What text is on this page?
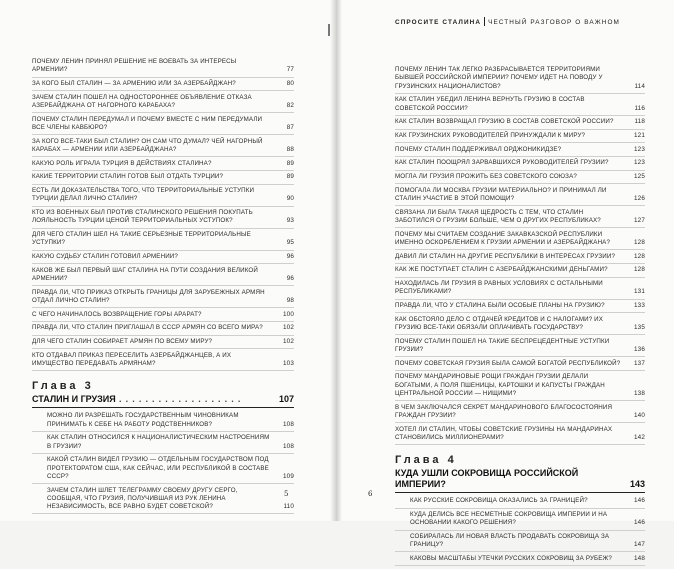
СПРОСИТЕ СТАЛИНА ЧЕСТНЫЙ РАЗГОВОР О ВАЖНОМ
ПОЧЕМУ ЛЕНИН ПРИНЯЛ РЕШЕНИЕ НЕ ВОЕВАТЬ ЗА ИНТЕРЕСЫ АРМЕНИИ?	77
ЗА КОГО БЫЛ СТАЛИН — ЗА АРМЕНИЮ ИЛИ ЗА АЗЕРБАЙДЖАН?	80
ЗАЧЕМ СТАЛИН ПОШЕЛ НА ОДНОСТОРОННЕЕ ОБЪЯВЛЕНИЕ ОТКАЗА АЗЕРБАЙДЖАНА ОТ НАГОРНОГО КАРАБАХА?	82
ПОЧЕМУ СТАЛИН ПЕРЕДУМАЛ И ПОЧЕМУ ВМЕСТЕ С НИМ ПЕРЕДУМАЛИ ВСЕ ЧЛЕНЫ КАВБЮРО?	87
ЗА КОГО ВСЕ-ТАКИ БЫЛ СТАЛИН? ОН САМ ЧТО ДУМАЛ? ЧЕЙ НАГОРНЫЙ КАРАБАХ — АРМЕНИИ ИЛИ АЗЕРБАЙДЖАНА?	88
КАКУЮ РОЛЬ ИГРАЛА ТУРЦИЯ В ДЕЙСТВИЯХ СТАЛИНА?	89
КАКИЕ ТЕРРИТОРИИ СТАЛИН ГОТОВ БЫЛ ОТДАТЬ ТУРЦИИ?	89
ЕСТЬ ЛИ ДОКАЗАТЕЛЬСТВА ТОГО, ЧТО ТЕРРИТОРИАЛЬНЫЕ УСТУПКИ ТУРЦИИ ДЕЛАЛ ЛИЧНО СТАЛИН?	90
КТО ИЗ ВОЕННЫХ БЫЛ ПРОТИВ СТАЛИНСКОГО РЕШЕНИЯ ПОКУПАТЬ ЛОЯЛЬНОСТЬ ТУРЦИИ ЦЕНОЙ ТЕРРИТОРИАЛЬНЫХ УСТУПОК?	93
ДЛЯ ЧЕГО СТАЛИН ШЕЛ НА ТАКИЕ СЕРЬЕЗНЫЕ ТЕРРИТОРИАЛЬНЫЕ УСТУПКИ?	95
КАКУЮ СУДЬБУ СТАЛИН ГОТОВИЛ АРМЕНИИ?	96
КАКОВ ЖЕ БЫЛ ПЕРВЫЙ ШАГ СТАЛИНА НА ПУТИ СОЗДАНИЯ ВЕЛИКОЙ АРМЕНИИ?	96
ПРАВДА ЛИ, ЧТО ПРИКАЗ ОТКРЫТЬ ГРАНИЦЫ ДЛЯ ЗАРУБЕЖНЫХ АРМЯН ОТДАЛ ЛИЧНО СТАЛИН?	98
С ЧЕГО НАЧИНАЛОСЬ ВОЗВРАЩЕНИЕ ГОРЫ АРАРАТ?	100
ПРАВДА ЛИ, ЧТО СТАЛИН ПРИГЛАШАЛ В СССР АРМЯН СО ВСЕГО МИРА?	102
ДЛЯ ЧЕГО СТАЛИН СОБИРАЕТ АРМЯН ПО ВСЕМУ МИРУ?	102
КТО ОТДАВАЛ ПРИКАЗ ПЕРЕСЕЛИТЬ АЗЕРБАЙДЖАНЦЕВ, А ИХ ИМУЩЕСТВО ПЕРЕДАВАТЬ АРМЯНАМ?	103
Глава 3
СТАЛИН И ГРУЗИЯ . . . . . . . . . . . . . . . . . . .	107
МОЖНО ЛИ РАЗРЕШАТЬ ГОСУДАРСТВЕННЫМ ЧИНОВНИКАМ ПРИНИМАТЬ К СЕБЕ НА РАБОТУ РОДСТВЕННИКОВ?	108
КАК СТАЛИН ОТНОСИЛСЯ К НАЦИОНАЛИСТИЧЕСКИМ НАСТРОЕНИЯМ В ГРУЗИИ?	108
КАКОЙ СТАЛИН ВИДЕЛ ГРУЗИЮ — ОТДЕЛЬНЫМ ГОСУДАРСТВОМ ПОД ПРОТЕКТОРАТОМ США, КАК СЕЙЧАС, ИЛИ РЕСПУБЛИКОЙ В СОСТАВЕ СССР?	109
ЗАЧЕМ СТАЛИН ШЛЕТ ТЕЛЕГРАММУ СВОЕМУ ДРУГУ СЕРГО, СООБЩАЯ, ЧТО ГРУЗИЯ, ПОЛУЧИВШАЯ ИЗ РУК ЛЕНИНА НЕЗАВИСИМОСТЬ, ВСЕ РАВНО БУДЕТ СОВЕТСКОЙ?	110
ПОЧЕМУ ЛЕНИН ТАК ЛЕГКО РАЗБРАСЫВАЕТСЯ ТЕРРИТОРИЯМИ БЫВШЕЙ РОССИЙСКОЙ ИМПЕРИИ? ПОЧЕМУ ИДЕТ НА ПОВОДУ У ГРУЗИНСКИХ НАЦИОНАЛИСТОВ?	114
КАК СТАЛИН УБЕДИЛ ЛЕНИНА ВЕРНУТЬ ГРУЗИЮ В СОСТАВ СОВЕТСКОЙ РОССИИ?	116
КАК СТАЛИН ВОЗВРАЩАЛ ГРУЗИЮ В СОСТАВ СОВЕТСКОЙ РОССИИ?	118
КАК ГРУЗИНСКИХ РУКОВОДИТЕЛЕЙ ПРИНУЖДАЛИ К МИРУ?	121
ПОЧЕМУ СТАЛИН ПОДДЕРЖИВАЛ ОРДЖОНИКИДЗЕ?	123
КАК СТАЛИН ПООЩРЯЛ ЗАРВАВШИХСЯ РУКОВОДИТЕЛЕЙ ГРУЗИИ?	123
МОГЛА ЛИ ГРУЗИЯ ПРОЖИТЬ БЕЗ СОВЕТСКОГО СОЮЗА?	125
ПОМОГАЛА ЛИ МОСКВА ГРУЗИИ МАТЕРИАЛЬНО? И ПРИНИМАЛ ЛИ СТАЛИН УЧАСТИЕ В ЭТОЙ ПОМОЩИ?	126
СВЯЗАНА ЛИ БЫЛА ТАКАЯ ЩЕДРОСТЬ С ТЕМ, ЧТО СТАЛИН ЗАБОТИЛСЯ О ГРУЗИИ БОЛЬШЕ, ЧЕМ О ДРУГИХ РЕСПУБЛИКАХ?	127
ПОЧЕМУ МЫ СЧИТАЕМ СОЗДАНИЕ ЗАКАВКАЗСКОЙ РЕСПУБЛИКИ ИМЕННО ОСКОРБЛЕНИЕМ К ГРУЗИИ АРМЕНИИ И АЗЕРБАЙДЖАНА?	128
ДАВИЛ ЛИ СТАЛИН НА ДРУГИЕ РЕСПУБЛИКИ В ИНТЕРЕСАХ ГРУЗИИ?	128
КАК ЖЕ ПОСТУПАЕТ СТАЛИН С АЗЕРБАЙДЖАНСКИМИ ДЕНЬГАМИ?	128
НАХОДИЛАСЬ ЛИ ГРУЗИЯ В РАВНЫХ УСЛОВИЯХ С ОСТАЛЬНЫМИ РЕСПУБЛИКАМИ?	131
ПРАВДА ЛИ, ЧТО У СТАЛИНА БЫЛИ ОСОБЫЕ ПЛАНЫ НА ГРУЗИЮ?	133
КАК ОБСТОЯЛО ДЕЛО С ОТДАЧЕЙ КРЕДИТОВ И С НАЛОГАМИ? ИХ ГРУЗИЮ ВСЕ-ТАКИ ОБЯЗАЛИ ОПЛАЧИВАТЬ ГОСУДАРСТВУ?	135
ПОЧЕМУ СТАЛИН ПОШЕЛ НА ТАКИЕ БЕСПРЕЦЕДЕНТНЫЕ УСТУПКИ ГРУЗИИ?	136
ПОЧЕМУ СОВЕТСКАЯ ГРУЗИЯ БЫЛА САМОЙ БОГАТОЙ РЕСПУБЛИКОЙ?	137
ПОЧЕМУ МАНДАРИНОВЫЕ РОЩИ ГРАЖДАН ГРУЗИИ ДЕЛАЛИ БОГАТЫМИ, А ПОЛЯ ПШЕНИЦЫ, КАРТОШКИ И КАПУСТЫ ГРАЖДАН ЦЕНТРАЛЬНОЙ РОССИИ — НИЩИМИ?	138
В ЧЕМ ЗАКЛЮЧАЛСЯ СЕКРЕТ МАНДАРИНОВОГО БЛАГОСОСТОЯНИЯ ГРАЖДАН ГРУЗИИ?	140
ХОТЕЛ ЛИ СТАЛИН, ЧТОБЫ СОВЕТСКИЕ ГРУЗИНЫ НА МАНДАРИНАХ СТАНОВИЛИСЬ МИЛЛИОНЕРАМИ?	142
Глава 4
КУДА УШЛИ СОКРОВИЩА РОССИЙСКОЙ ИМПЕРИИ?	143
КАК РУССКИЕ СОКРОВИЩА ОКАЗАЛИСЬ ЗА ГРАНИЦЕЙ?	146
КУДА ДЕЛИСЬ ВСЕ НЕСМЕТНЫЕ СОКРОВИЩА ИМПЕРИИ И НА ОСНОВАНИИ КАКОГО РЕШЕНИЯ?	146
СОБИРАЛАСЬ ЛИ НОВАЯ ВЛАСТЬ ПРОДАВАТЬ СОКРОВИЩА ЗА ГРАНИЦУ?	147
КАКОВЫ МАСШТАБЫ УТЕЧКИ РУССКИХ СОКРОВИЩ ЗА РУБЕЖ?	148
5	6
